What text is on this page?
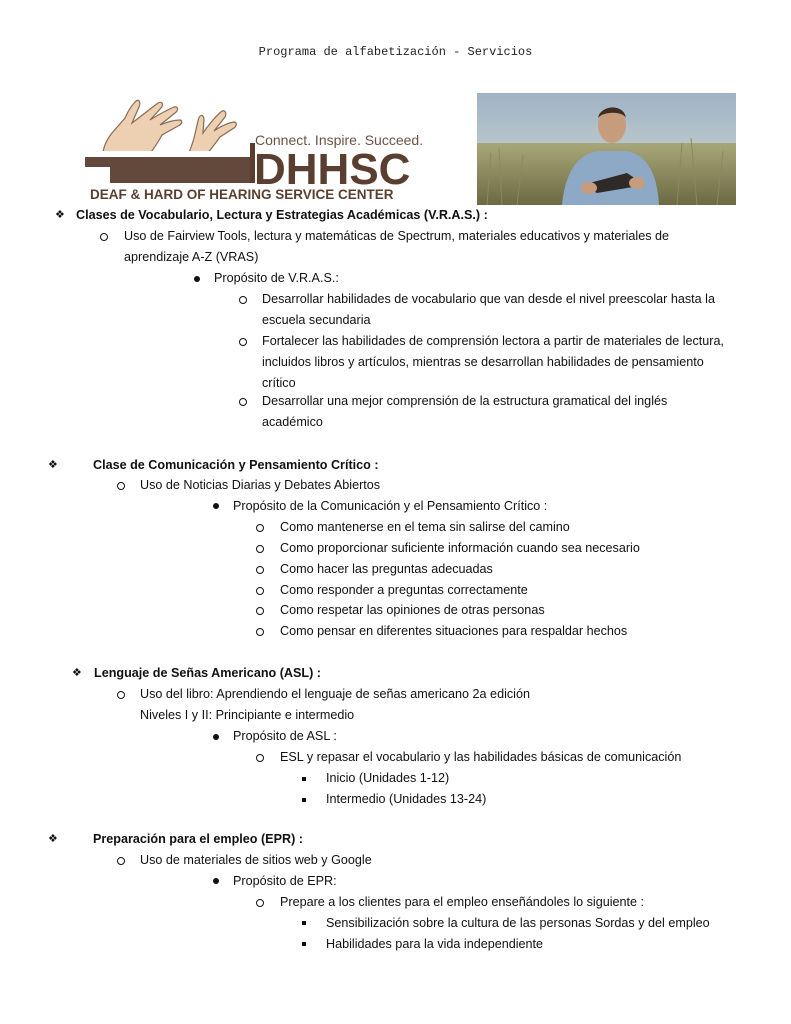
Programa de alfabetización - Servicios
Connect. Inspire. Succeed.
DHHSC
DEAF & HARD OF HEARING SERVICE CENTER
❖ Clases de Vocabulario, Lectura y Estrategias Académicas (V.R.A.S.) :
Uso de Fairview Tools, lectura y matemáticas de Spectrum, materiales educativos y materiales de
aprendizaje A-Z (VRAS)
Propósito de V.R.A.S.:
Desarrollar habilidades de vocabulario que van desde el nivel preescolar hasta la
escuela secundaria
Fortalecer las habilidades de comprensión lectora a partir de materiales de lectura,
incluidos libros y artículos, mientras se desarrollan habilidades de pensamiento
crítico
Desarrollar una mejor comprensión de la estructura gramatical del inglés
académico
❖	Clase de Comunicación y Pensamiento Crítico :
Uso de Noticias Diarias y Debates Abiertos
Propósito de la Comunicación y el Pensamiento Crítico :
Como mantenerse en el tema sin salirse del camino
Como proporcionar suficiente información cuando sea necesario
Como hacer las preguntas adecuadas
Como responder a preguntas correctamente
Como respetar las opiniones de otras personas
Como pensar en diferentes situaciones para respaldar hechos
❖ Lenguaje de Señas Americano (ASL) :
Uso del libro: Aprendiendo el lenguaje de señas americano 2a edición
Niveles I y II: Principiante e intermedio
Propósito de ASL :
ESL y repasar el vocabulario y las habilidades básicas de comunicación
Inicio (Unidades 1-12)
Intermedio (Unidades 13-24)
❖	Preparación para el empleo (EPR) :
Uso de materiales de sitios web y Google
Propósito de EPR:
Prepare a los clientes para el empleo enseñándoles lo siguiente :
Sensibilización sobre la cultura de las personas Sordas y del empleo
Habilidades para la vida independiente
